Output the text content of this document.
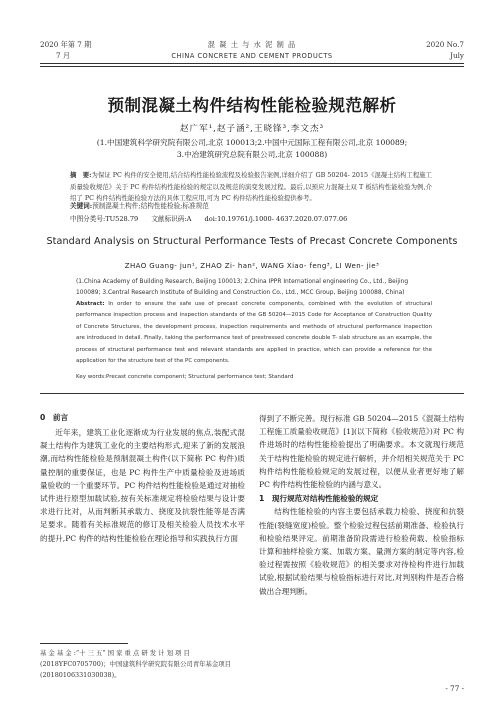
2020 年第 7 期
7 月
混 凝 土 与 水 泥 制 品
CHINA CONCRETE AND CEMENT PRODUCTS
2020 No.7
July
预制混凝土构件结构性能检验规范解析
赵广军¹,赵子涵²,王晓锋³,李文杰³
(1.中国建筑科学研究院有限公司,北京 100013;2.中国中元国际工程有限公司,北京 100089;
3.中冶建筑研究总院有限公司,北京 100088)
摘　要:为保证 PC 构件的安全使用,结合结构性能检验流程及检验报告案例,详细介绍了 GB 50204- 2015《混凝土结构工程施工质量验收规范》关于 PC 构件结构性能检验的规定以及规范的演变发展过程。最后,以预应力混凝土双 T 板结构性能检验为例,介绍了 PC 构件结构性能检验方法的具体工程应用,可为 PC 构件结构性能检验提供参考。
关键词:预制混凝土构件;结构性能检验;标准规范
中图分类号:TU528.79　　文献标识码:A　　doi:10.19761/j.1000- 4637.2020.07.077.06
Standard Analysis on Structural Performance Tests of Precast Concrete Components
ZHAO Guang- jun¹, ZHAO Zi- han², WANG Xiao- feng³, LI Wen- jie³
(1.China Academy of Building Research, Beijing 100013; 2.China IPPR International engineering Co., Ltd., Beijing
100089; 3.Central Research Institute of Building and Construction Co., Ltd., MCC Group, Beijing 100088, China)
Abstract: In order to ensure the safe use of precast concrete components, combined with the evolution of structural performance inspection process and inspection standards of the GB 50204—2015 Code for Acceptance of Construction Quality of Concrete Structures, the development process, inspection requirements and methods of structural performance inspection are introduced in detail. Finally, taking the performance test of prestressed concrete double T- slab structure as an example, the process of structural performance test and relevant standards are applied in practice, which can provide a reference for the application for the structure test of the PC components.
Key words:Precast concrete component; Structural performance test; Standard
0　前言

近年来，建筑工业化逐渐成为行业发展的焦点,装配式混凝土结构作为建筑工业化的主要结构形式,迎来了新的发展浪潮,而结构性能检验是预制混凝土构件(以下简称 PC 构件)质量控制的重要保证，也是 PC 构件生产中质量检验及进场质量验收的一个重要环节。PC 构件结构性能检验是通过对抽检试件进行原型加载试验,按有关标准规定将检验结果与设计要求进行比对，从而判断其承载力、挠度及抗裂性能等是否满足要求。随着有关标准规范的修订及相关检验人员技术水平的提升,PC 构件的结构性能检验在理论指导和实践执行方面

基 金 基 金 :“十 三 五” 国 家 重 点 研 发 计 划 项 目(2018YFC0705700)；中国建筑科学研究院有限公司青年基金项目(20180106331030038)。

得到了不断完善。现行标准 GB 50204—2015《混凝土结构工程施工质量验收规范》[1](以下简称《验收规范》)对 PC 构件进场时的结构性能检验提出了明确要求。本文就现行规范关于结构性能检验的规定进行解析，并介绍相关规范关于 PC 构件结构性能检验规定的发展过程，以便从业者更好地了解 PC 构件结构性能检验的内涵与意义。

1　现行规范对结构性能检验的规定

结构性能检验的内容主要包括承载力检验、挠度和抗裂性能(裂缝宽度)检验。整个检验过程包括前期准备、检验执行和检验结果评定。前期准备阶段需进行检验荷载、检验指标计算和抽样检验方案、加载方案、量测方案的制定等内容,检验过程需按照《验收规范》的相关要求对待检构件进行加载试验,根据试验结果与检验指标进行对比,对判别构件是否合格做出合理判断。

- 77 -
